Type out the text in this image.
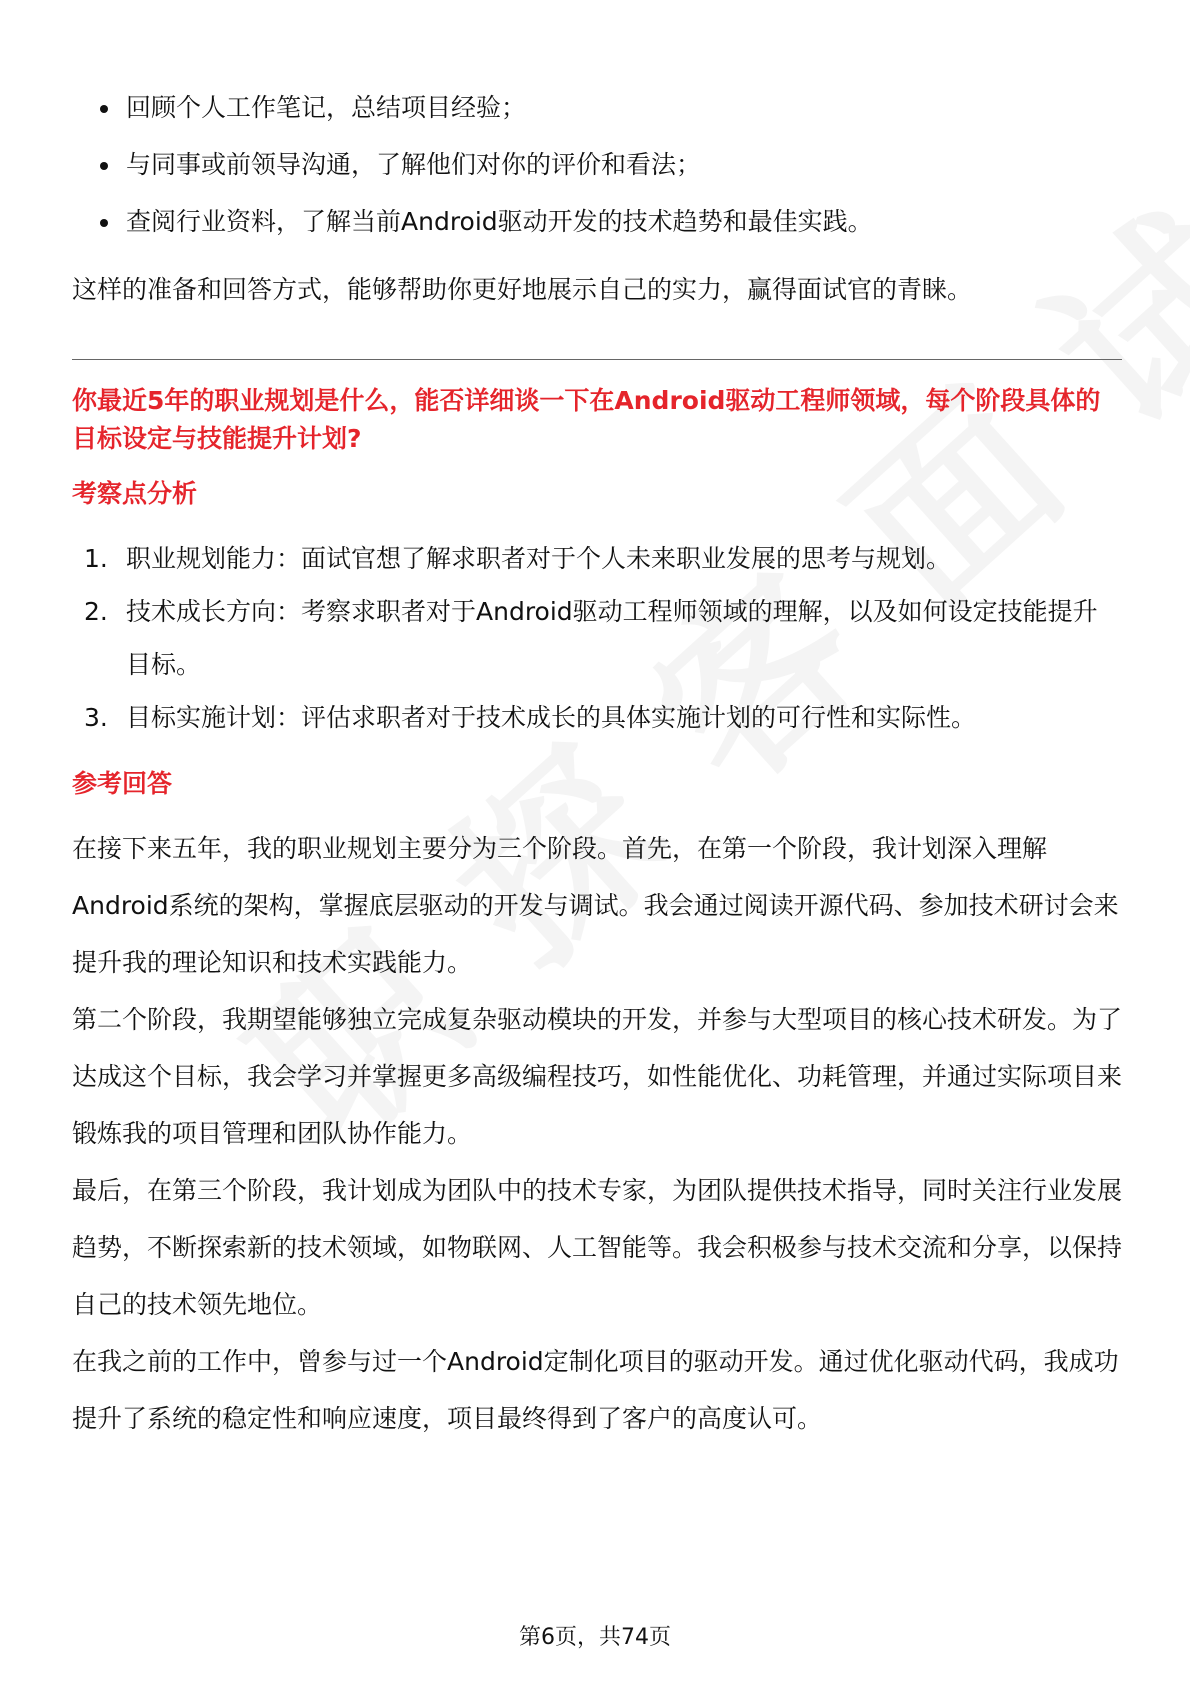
回顾个人工作笔记，总结项目经验；
与同事或前领导沟通，了解他们对你的评价和看法；
查阅行业资料，了解当前Android驱动开发的技术趋势和最佳实践。

这样的准备和回答方式，能够帮助你更好地展示自己的实力，赢得面试官的青睐。

你最近5年的职业规划是什么，能否详细谈一下在Android驱动工程师领域，每个阶段具体的目标设定与技能提升计划?
考察点分析
1. 职业规划能力：面试官想了解求职者对于个人未来职业发展的思考与规划。
2. 技术成长方向：考察求职者对于Android驱动工程师领域的理解，以及如何设定技能提升目标。
3. 目标实施计划：评估求职者对于技术成长的具体实施计划的可行性和实际性。
参考回答

在接下来五年，我的职业规划主要分为三个阶段。首先，在第一个阶段，我计划深入理解Android系统的架构，掌握底层驱动的开发与调试。我会通过阅读开源代码、参加技术研讨会来提升我的理论知识和技术实践能力。

第二个阶段，我期望能够独立完成复杂驱动模块的开发，并参与大型项目的核心技术研发。为了达成这个目标，我会学习并掌握更多高级编程技巧，如性能优化、功耗管理，并通过实际项目来锻炼我的项目管理和团队协作能力。

最后，在第三个阶段，我计划成为团队中的技术专家，为团队提供技术指导，同时关注行业发展趋势，不断探索新的技术领域，如物联网、人工智能等。我会积极参与技术交流和分享，以保持自己的技术领先地位。

在我之前的工作中，曾参与过一个Android定制化项目的驱动开发。通过优化驱动代码，我成功提升了系统的稳定性和响应速度，项目最终得到了客户的高度认可。

第6页，共74页
